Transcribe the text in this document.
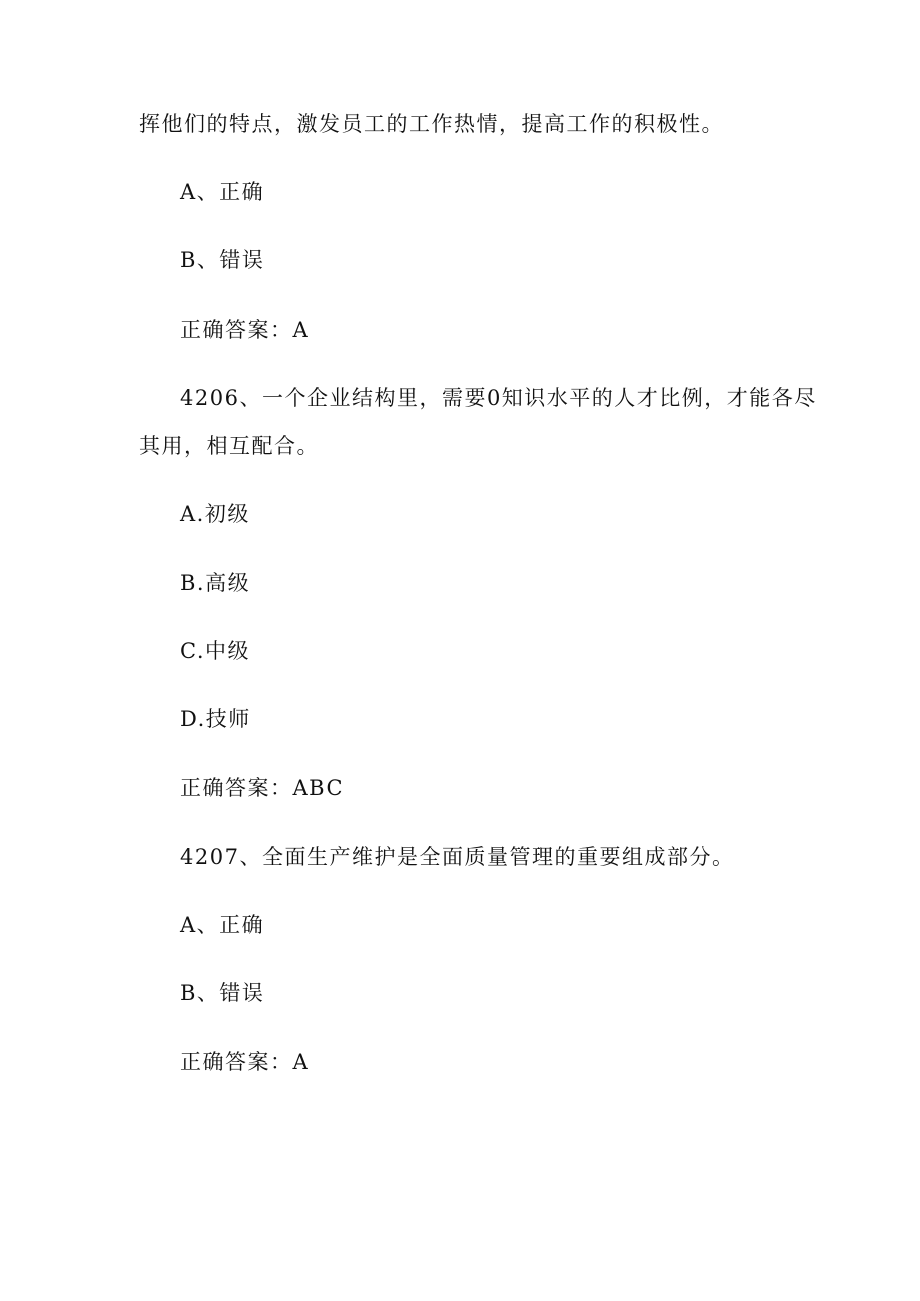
挥他们的特点，激发员工的工作热情，提高工作的积极性。
A、正确
B、错误
正确答案：A
4206、一个企业结构里，需要0知识水平的人才比例，才能各尽
其用，相互配合。
A.初级
B.高级
C.中级
D.技师
正确答案：ABC
4207、全面生产维护是全面质量管理的重要组成部分。
A、正确
B、错误
正确答案：A
